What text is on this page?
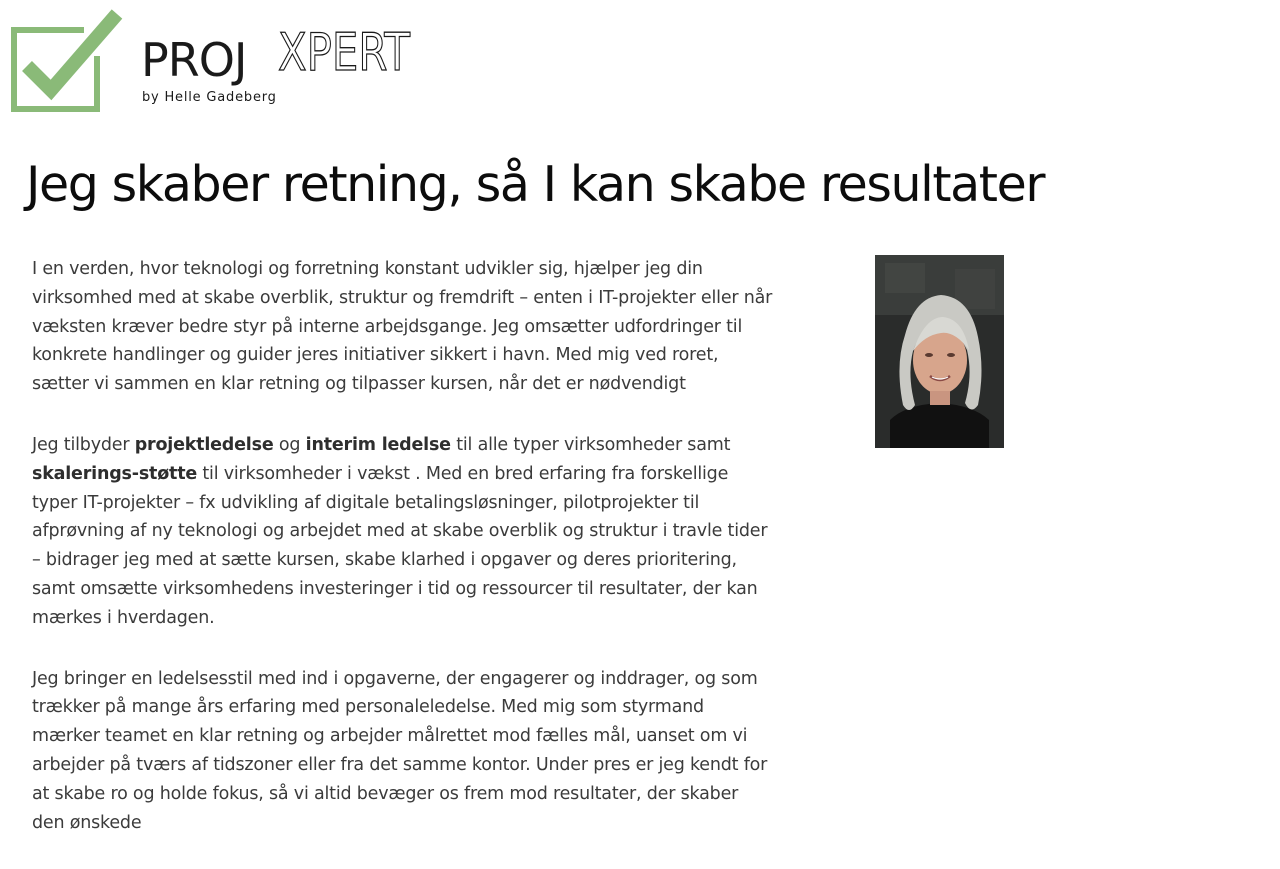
PROJ XPERT
by Helle Gadeberg
Jeg skaber retning, så I kan skabe resultater

I en verden, hvor teknologi og forretning konstant udvikler sig, hjælper jeg din virksomhed med at skabe overblik, struktur og fremdrift – enten i IT-projekter eller når væksten kræver bedre styr på interne arbejdsgange. Jeg omsætter udfordringer til konkrete handlinger og guider jeres initiativer sikkert i havn. Med mig ved roret, sætter vi sammen en klar retning og tilpasser kursen, når det er nødvendigt

Jeg tilbyder projektledelse og interim ledelse til alle typer virksomheder samt skalerings-støtte til virksomheder i vækst . Med en bred erfaring fra forskellige typer IT-projekter – fx udvikling af digitale betalingsløsninger, pilotprojekter til afprøvning af ny teknologi og arbejdet med at skabe overblik og struktur i travle tider – bidrager jeg med at sætte kursen, skabe klarhed i opgaver og deres prioritering, samt omsætte virksomhedens investeringer i tid og ressourcer til resultater, der kan mærkes i hverdagen.

Jeg bringer en ledelsesstil med ind i opgaverne, der engagerer og inddrager, og som trækker på mange års erfaring med personaleledelse. Med mig som styrmand mærker teamet en klar retning og arbejder målrettet mod fælles mål, uanset om vi arbejder på tværs af tidszoner eller fra det samme kontor. Under pres er jeg kendt for at skabe ro og holde fokus, så vi altid bevæger os frem mod resultater, der skaber den ønskede
